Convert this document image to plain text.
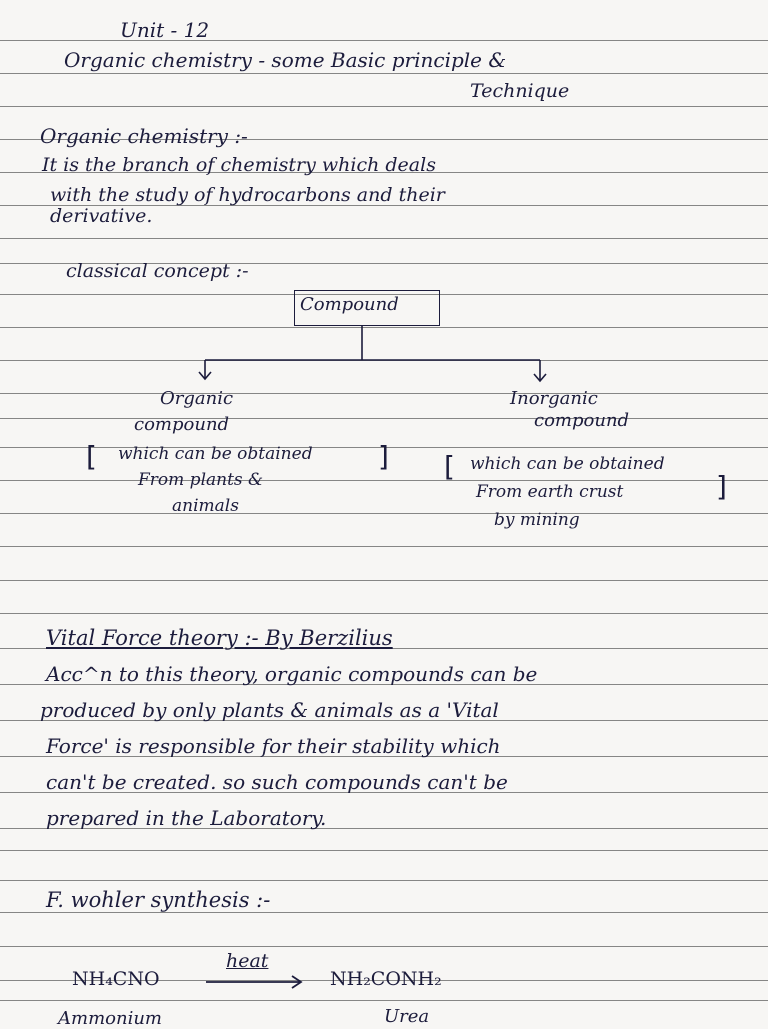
Unit - 12
Organic chemistry - some Basic principle &
Technique
Organic chemistry :-
It is the branch of chemistry which deals
with the study of hydrocarbons and their
derivative.
classical concept :-
Compound
Organic
compound
Inorganic
compound
[ which can be obtained ]
From plants &
animals
[ which can be obtained
From earth crust
by mining
]
Vital Force theory :- By Berzilius
Acc^n to this theory, organic compounds can be
produced by only plants & animals as a 'Vital
Force' is responsible for their stability which
can't be created. so such compounds can't be
prepared in the Laboratory.
F. wohler synthesis :-
NH₄CNO
heat
NH₂CONH₂
Ammonium	Urea
